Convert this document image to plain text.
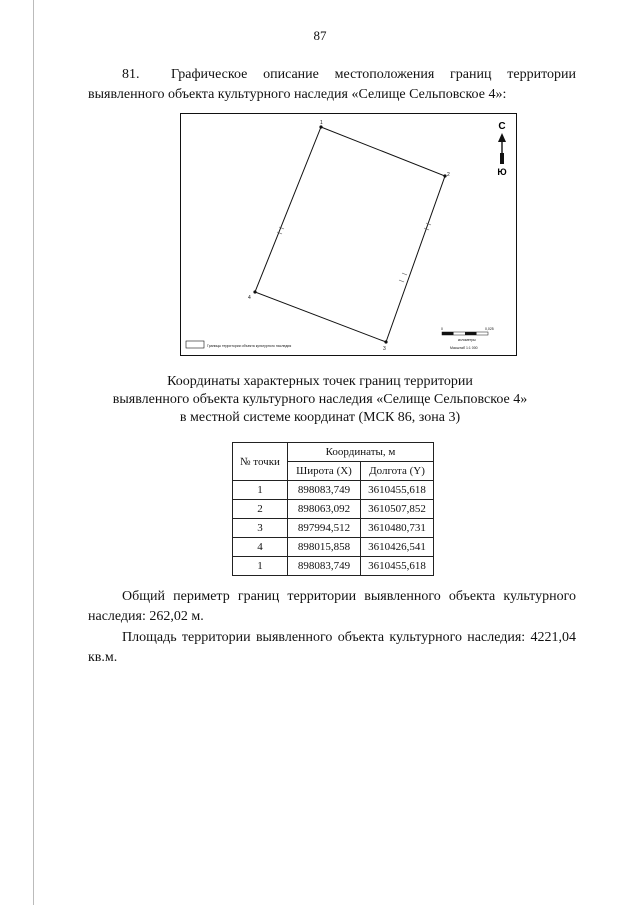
87
81. Графическое описание местоположения границ территории выявленного объекта культурного наследия «Селище Сельповское 4»:
1
2
3
4
С
Ю
Границы территории объекта культурного наследия
0	0,025
километры
Масштаб 1:1 000
Координаты характерных точек границ территории
выявленного объекта культурного наследия «Селище Сельповское 4»
в местной системе координат (МСК 86, зона 3)
№ точки	Координаты, м	
	Широта (X)	Долгота (Y)
1	898083,749	3610455,618
2	898063,092	3610507,852
3	897994,512	3610480,731
4	898015,858	3610426,541
1	898083,749	3610455,618
Общий периметр границ территории выявленного объекта культурного наследия: 262,02 м.
Площадь территории выявленного объекта культурного наследия: 4221,04 кв.м.
